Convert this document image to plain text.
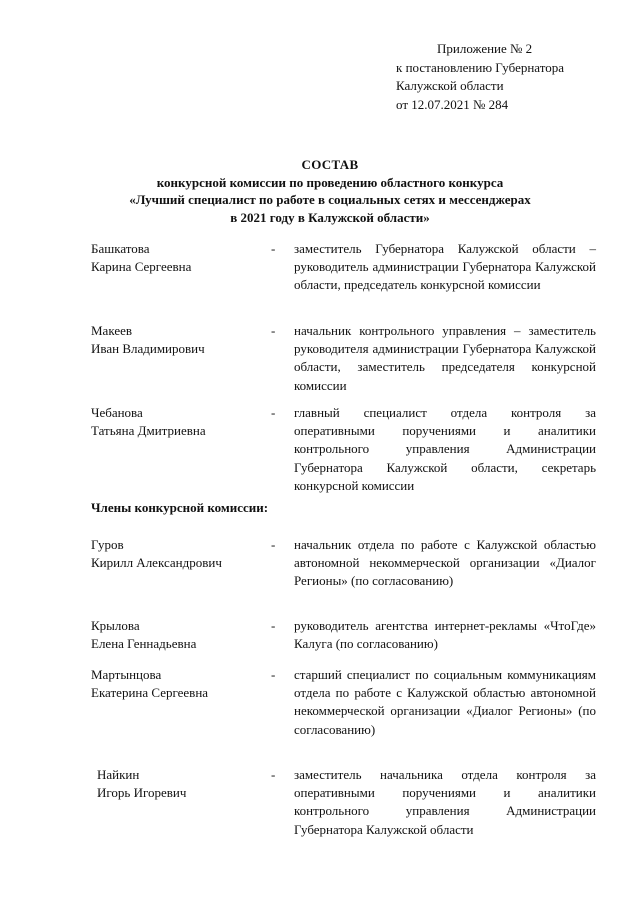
Приложение № 2
к постановлению Губернатора
Калужской области
от 12.07.2021 № 284
СОСТАВ
конкурсной комиссии по проведению областного конкурса
«Лучший специалист по работе в социальных сетях и мессенджерах
в 2021 году в Калужской области»
Башкатова
Карина Сергеевна
- заместитель Губернатора Калужской области – руководитель администрации Губернатора Калужской области, председатель конкурсной комиссии
Макеев
Иван Владимирович
- начальник контрольного управления – заместитель руководителя администрации Губернатора Калужской области, заместитель председателя конкурсной комиссии
Чебанова
Татьяна Дмитриевна
- главный специалист отдела контроля за оперативными поручениями и аналитики контрольного управления Администрации Губернатора Калужской области, секретарь конкурсной комиссии
Члены конкурсной комиссии:
Гуров
Кирилл Александрович
- начальник отдела по работе с Калужской областью автономной некоммерческой организации «Диалог Регионы» (по согласованию)
Крылова
Елена Геннадьевна
- руководитель агентства интернет-рекламы «ЧтоГде» Калуга (по согласованию)
Мартынцова
Екатерина Сергеевна
- старший специалист по социальным коммуникациям отдела по работе с Калужской областью автономной некоммерческой организации «Диалог Регионы» (по согласованию)
Найкин
Игорь Игоревич
- заместитель начальника отдела контроля за оперативными поручениями и аналитики контрольного управления Администрации Губернатора Калужской области
